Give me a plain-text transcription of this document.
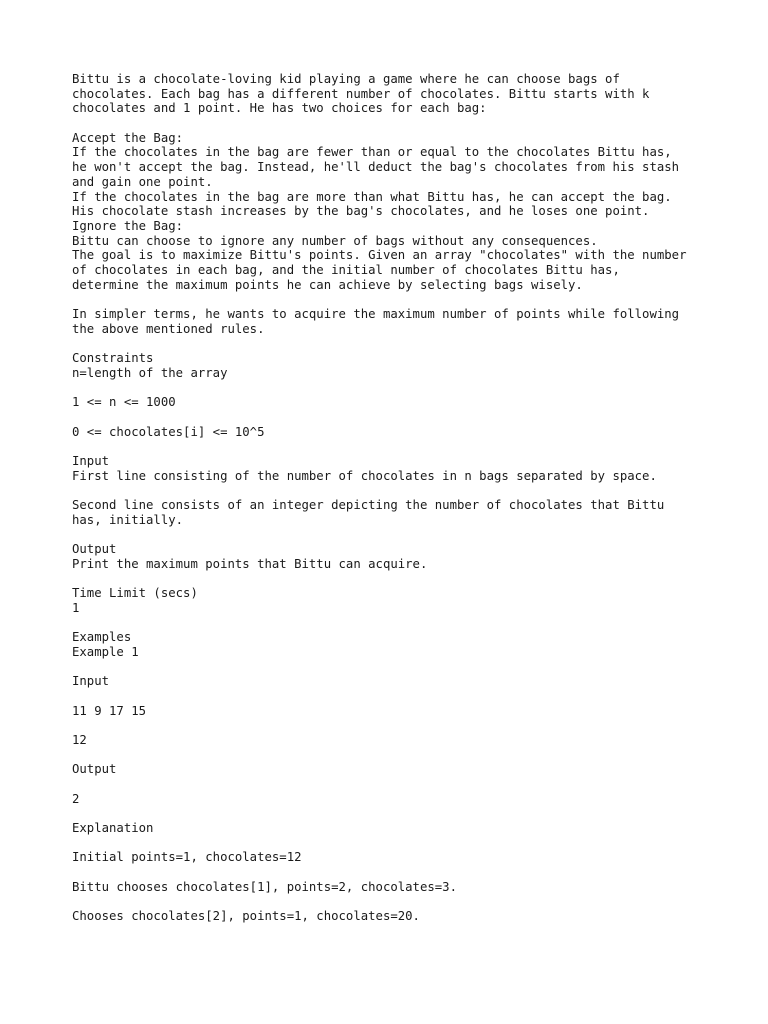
Bittu is a chocolate-loving kid playing a game where he can choose bags of
chocolates. Each bag has a different number of chocolates. Bittu starts with k
chocolates and 1 point. He has two choices for each bag:
Accept the Bag:
If the chocolates in the bag are fewer than or equal to the chocolates Bittu has,
he won't accept the bag. Instead, he'll deduct the bag's chocolates from his stash
and gain one point.
If the chocolates in the bag are more than what Bittu has, he can accept the bag.
His chocolate stash increases by the bag's chocolates, and he loses one point.
Ignore the Bag:
Bittu can choose to ignore any number of bags without any consequences.
The goal is to maximize Bittu's points. Given an array "chocolates" with the number
of chocolates in each bag, and the initial number of chocolates Bittu has,
determine the maximum points he can achieve by selecting bags wisely.
In simpler terms, he wants to acquire the maximum number of points while following
the above mentioned rules.
Constraints
n=length of the array
1 <= n <= 1000
0 <= chocolates[i] <= 10^5
Input
First line consisting of the number of chocolates in n bags separated by space.
Second line consists of an integer depicting the number of chocolates that Bittu
has, initially.
Output
Print the maximum points that Bittu can acquire.
Time Limit (secs)
1
Examples
Example 1
Input
11 9 17 15
12
Output
2
Explanation
Initial points=1, chocolates=12
Bittu chooses chocolates[1], points=2, chocolates=3.
Chooses chocolates[2], points=1, chocolates=20.
